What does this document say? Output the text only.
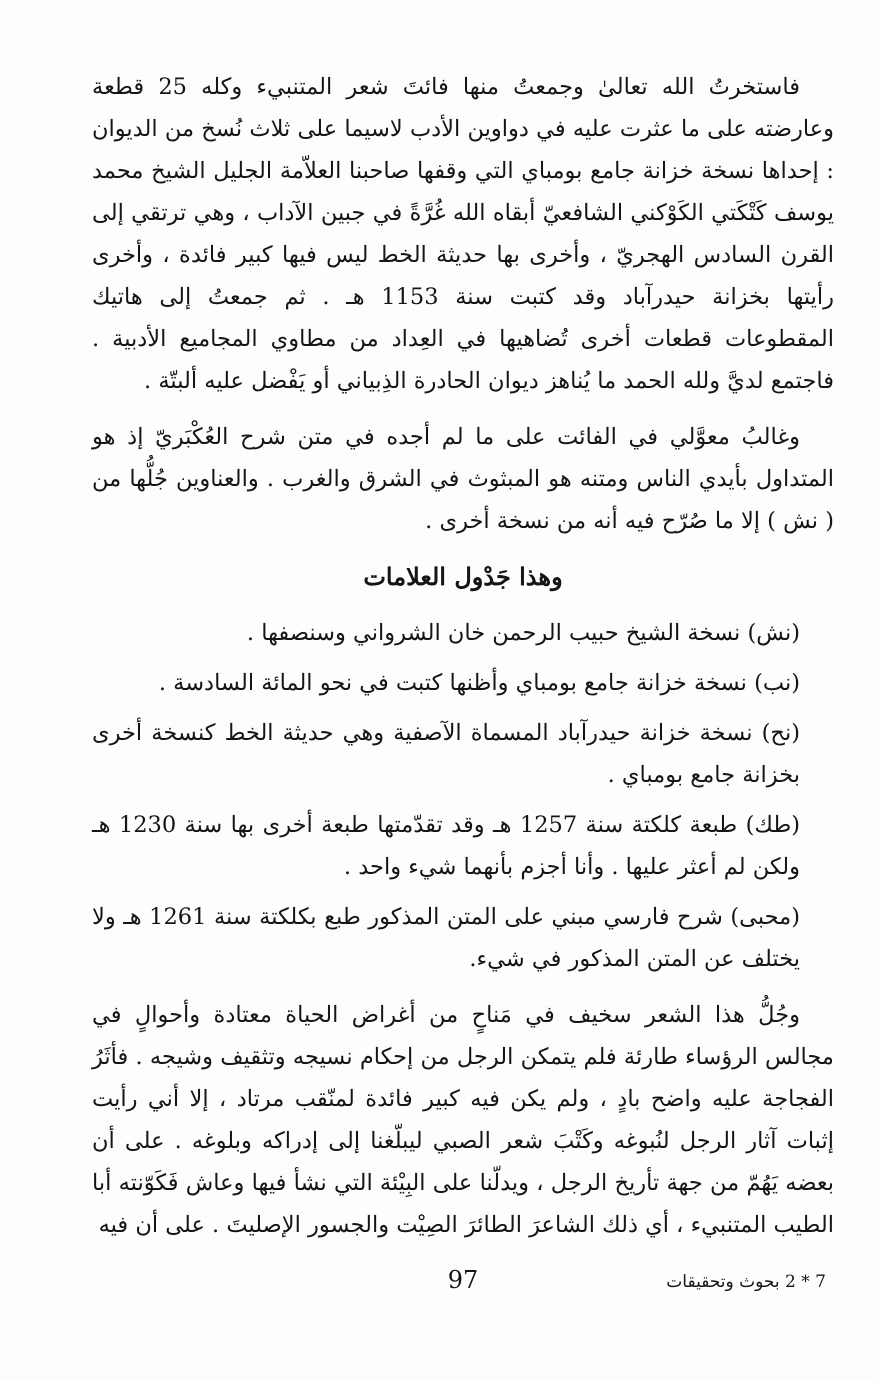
فاستخرتُ الله تعالىٰ وجمعتُ منها فائتَ شعر المتنبيء وكله 25 قطعة وعارضته على ما عثرت عليه في دواوين الأدب لاسيما على ثلاث نُسخ من الديوان : إحداها نسخة خزانة جامع بومباي التي وقفها صاحبنا العلاّمة الجليل الشيخ محمد يوسف كَتْكَتي الكَوْكني الشافعيّ أبقاه الله غُرَّةً في جبين الآداب ، وهي ترتقي إلى القرن السادس الهجريّ ، وأخرى بها حديثة الخط ليس فيها كبير فائدة ، وأخرى رأيتها بخزانة حيدرآباد وقد كتبت سنة 1153 هـ . ثم جمعتُ إلى هاتيك المقطوعات قطعات أخرى تُضاهيها في العِداد من مطاوي المجاميع الأدبية . فاجتمع لديَّ ولله الحمد ما يُناهز ديوان الحادرة الذِبياني أو يَفْضل عليه ألبتّة .

وغالبُ معوَّلي في الفائت على ما لم أجده في متن شرح العُكْبَريّ إذ هو المتداول بأيدي الناس ومتنه هو المبثوث في الشرق والغرب . والعناوين جُلُّها من ( نش ) إلا ما صُرّح فيه أنه من نسخة أخرى .

وهذا جَدْول العلامات

(نش) نسخة الشيخ حبيب الرحمن خان الشرواني وسنصفها .

(نب) نسخة خزانة جامع بومباي وأظنها كتبت في نحو المائة السادسة .

(نح) نسخة خزانة حيدرآباد المسماة الآصفية وهي حديثة الخط كنسخة أخرى بخزانة جامع بومباي .

(طك) طبعة كلكتة سنة 1257 هـ وقد تقدّمتها طبعة أخرى بها سنة 1230 هـ ولكن لم أعثر عليها . وأنا أجزم بأنهما شيء واحد .

(محبى) شرح فارسي مبني على المتن المذكور طبع بكلكتة سنة 1261 هـ ولا يختلف عن المتن المذكور في شيء.

وجُلُّ هذا الشعر سخيف في مَناحٍ من أغراض الحياة معتادة وأحوالٍ في مجالس الرؤساء طارئة فلم يتمكن الرجل من إحكام نسيجه وتثقيف وشيجه . فأثَرُ الفجاجة عليه واضح بادٍ ، ولم يكن فيه كبير فائدة لمنّقب مرتاد ، إلا أني رأيت إثبات آثار الرجل لنُبوغه وكَتْبَ شعر الصبي ليبلّغنا إلى إدراكه وبلوغه . على أن بعضه يَهُمّ من جهة تأريخ الرجل ، ويدلّنا على البِيْئة التي نشأ فيها وعاش فَكَوّنته أبا الطيب المتنبيء ، أي ذلك الشاعرَ الطائرَ الصِيْت والجسور الإصليتَ . على أن فيه

97	7 * 2 بحوث وتحقيقات
